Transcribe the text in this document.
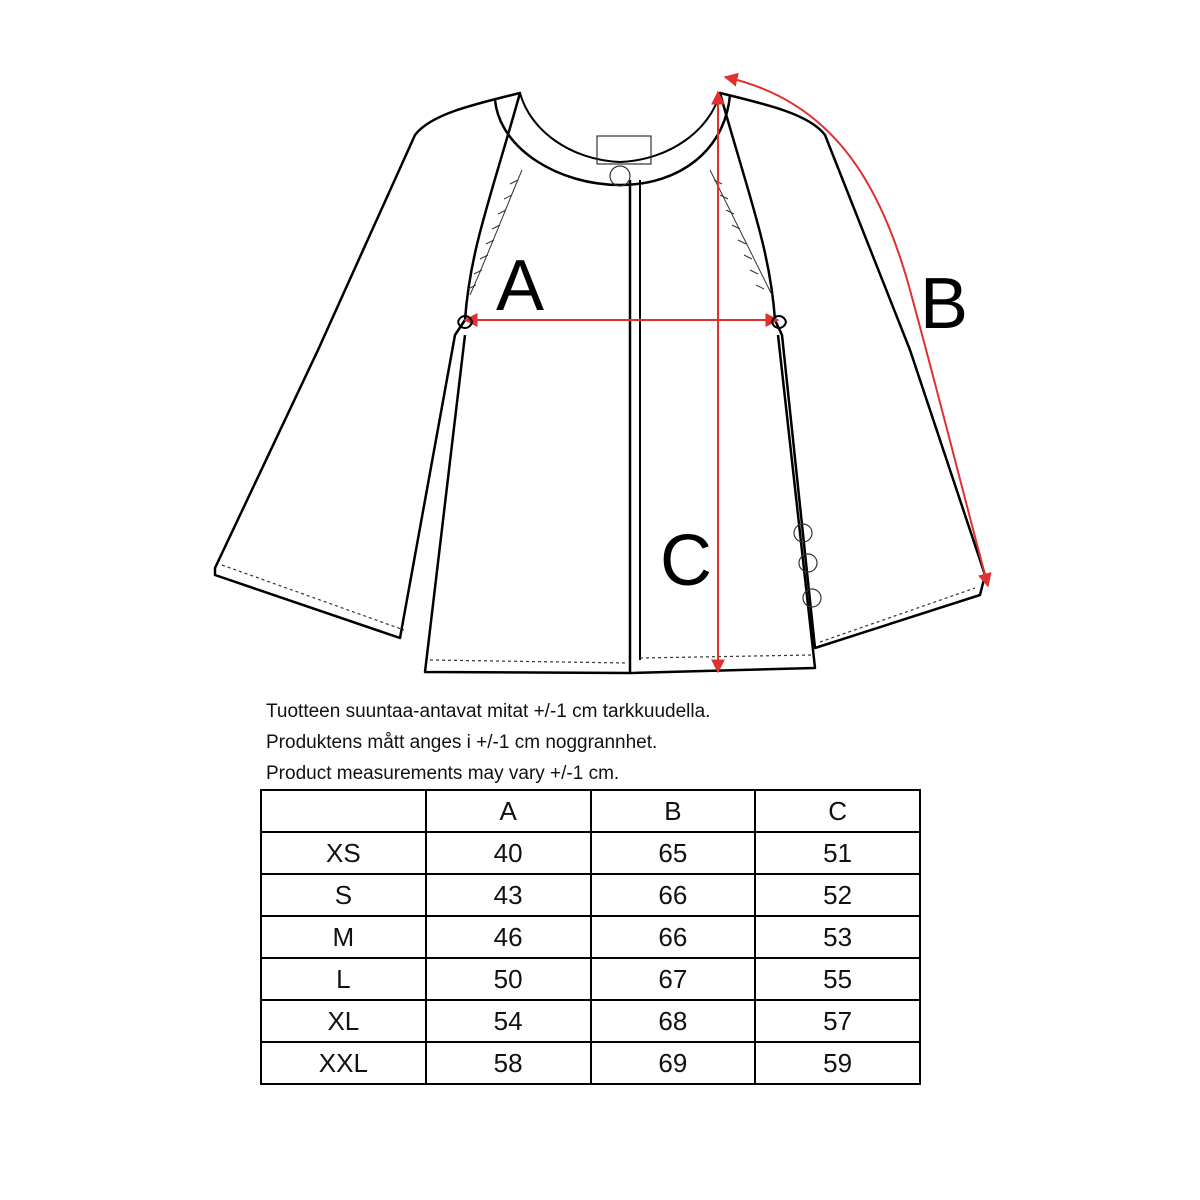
A	B
C
Tuotteen suuntaa-antavat mitat +/-1 cm tarkkuudella.
Produktens mått anges i +/-1 cm noggrannhet.
Product measurements may vary +/-1 cm.
	A	B	C
XS	40	65	51
S	43	66	52
M	46	66	53
L	50	67	55
XL	54	68	57
XXL	58	69	59
